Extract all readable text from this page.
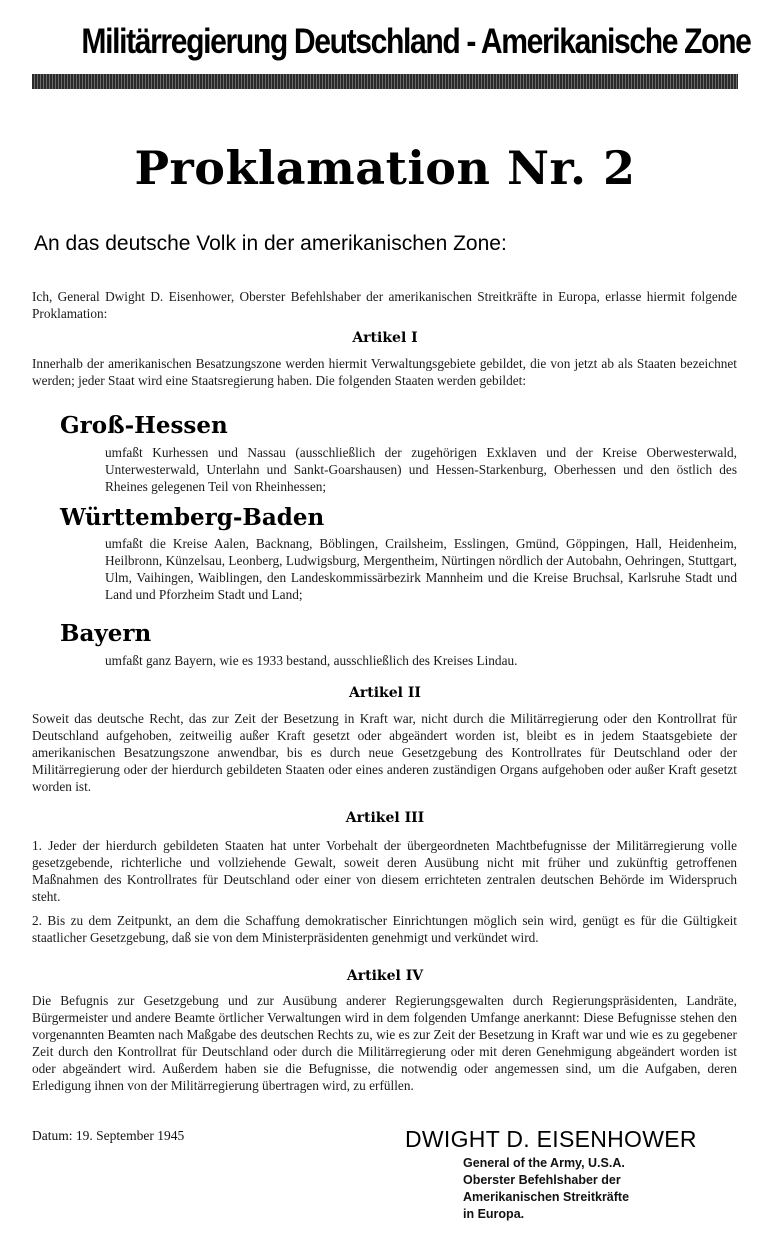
Militärregierung Deutschland - Amerikanische Zone
Proklamation Nr. 2
An das deutsche Volk in der amerikanischen Zone:
Ich, General Dwight D. Eisenhower, Oberster Befehlshaber der amerikanischen Streitkräfte in Europa, erlasse hiermit folgende Proklamation:
Artikel I
Innerhalb der amerikanischen Besatzungszone werden hiermit Verwaltungsgebiete gebildet, die von jetzt ab als Staaten bezeichnet werden; jeder Staat wird eine Staatsregierung haben. Die folgenden Staaten werden gebildet:
Groß-Hessen
umfaßt Kurhessen und Nassau (ausschließlich der zugehörigen Exklaven und der Kreise Oberwesterwald, Unterwesterwald, Unterlahn und Sankt-Goarshausen) und Hessen-Starkenburg, Oberhessen und den östlich des Rheines gelegenen Teil von Rheinhessen;
Württemberg-Baden
umfaßt die Kreise Aalen, Backnang, Böblingen, Crailsheim, Esslingen, Gmünd, Göppingen, Hall, Heidenheim, Heilbronn, Künzelsau, Leonberg, Ludwigsburg, Mergentheim, Nürtingen nördlich der Autobahn, Oehringen, Stuttgart, Ulm, Vaihingen, Waiblingen, den Landeskommissärbezirk Mannheim und die Kreise Bruchsal, Karlsruhe Stadt und Land und Pforzheim Stadt und Land;
Bayern
umfaßt ganz Bayern, wie es 1933 bestand, ausschließlich des Kreises Lindau.
Artikel II
Soweit das deutsche Recht, das zur Zeit der Besetzung in Kraft war, nicht durch die Militärregierung oder den Kontrollrat für Deutschland aufgehoben, zeitweilig außer Kraft gesetzt oder abgeändert worden ist, bleibt es in jedem Staatsgebiete der amerikanischen Besatzungszone anwendbar, bis es durch neue Gesetzgebung des Kontrollrates für Deutschland oder der Militärregierung oder der hierdurch gebildeten Staaten oder eines anderen zuständigen Organs aufgehoben oder außer Kraft gesetzt worden ist.
Artikel III
1. Jeder der hierdurch gebildeten Staaten hat unter Vorbehalt der übergeordneten Machtbefugnisse der Militärregierung volle gesetzgebende, richterliche und vollziehende Gewalt, soweit deren Ausübung nicht mit früher und zukünftig getroffenen Maßnahmen des Kontrollrates für Deutschland oder einer von diesem errichteten zentralen deutschen Behörde im Widerspruch steht.
2. Bis zu dem Zeitpunkt, an dem die Schaffung demokratischer Einrichtungen möglich sein wird, genügt es für die Gültigkeit staatlicher Gesetzgebung, daß sie von dem Ministerpräsidenten genehmigt und verkündet wird.
Artikel IV
Die Befugnis zur Gesetzgebung und zur Ausübung anderer Regierungsgewalten durch Regierungspräsidenten, Landräte, Bürgermeister und andere Beamte örtlicher Verwaltungen wird in dem folgenden Umfange anerkannt: Diese Befugnisse stehen den vorgenannten Beamten nach Maßgabe des deutschen Rechts zu, wie es zur Zeit der Besetzung in Kraft war und wie es zu gegebener Zeit durch den Kontrollrat für Deutschland oder durch die Militärregierung oder mit deren Genehmigung abgeändert worden ist oder abgeändert wird. Außerdem haben sie die Befugnisse, die notwendig oder angemessen sind, um die Aufgaben, deren Erledigung ihnen von der Militärregierung übertragen wird, zu erfüllen.
Datum: 19. September 1945	DWIGHT D. EISENHOWER
General of the Army, U.S.A.
Oberster Befehlshaber der
Amerikanischen Streitkräfte
in Europa.
